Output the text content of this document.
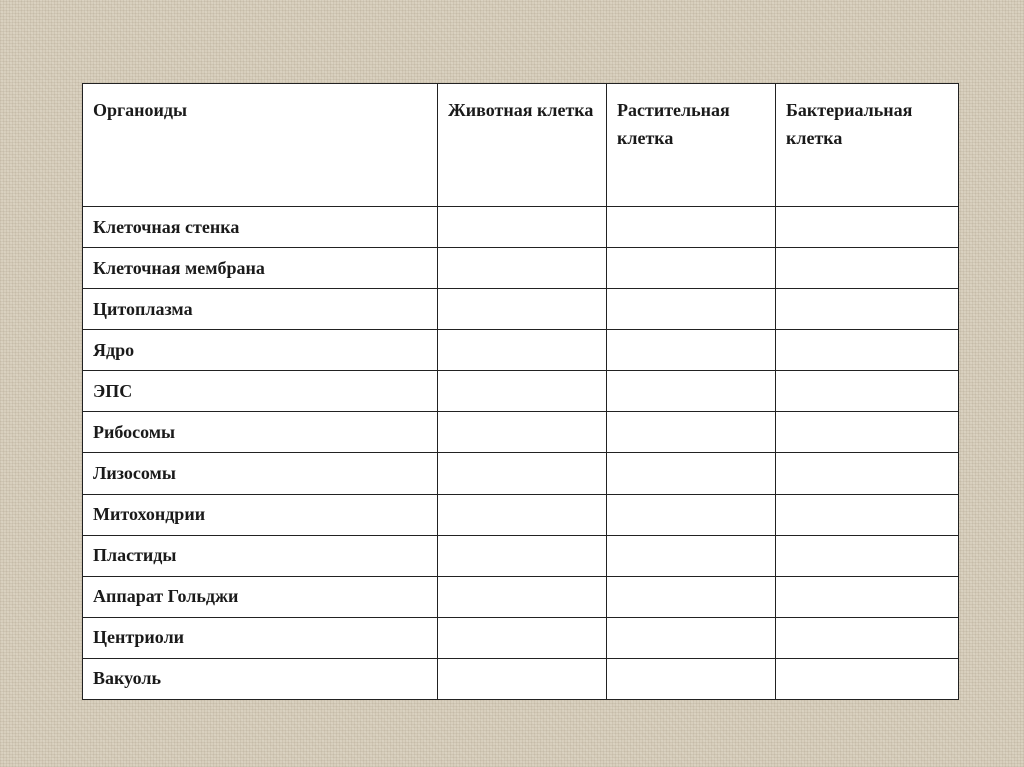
Органоиды	Животная клетка	Растительная клетка	Бактериальная клетка
Клеточная стенка			
Клеточная мембрана			
Цитоплазма			
Ядро			
ЭПС			
Рибосомы			
Лизосомы			
Митохондрии			
Пластиды			
Аппарат Гольджи			
Центриоли			
Вакуоль			
